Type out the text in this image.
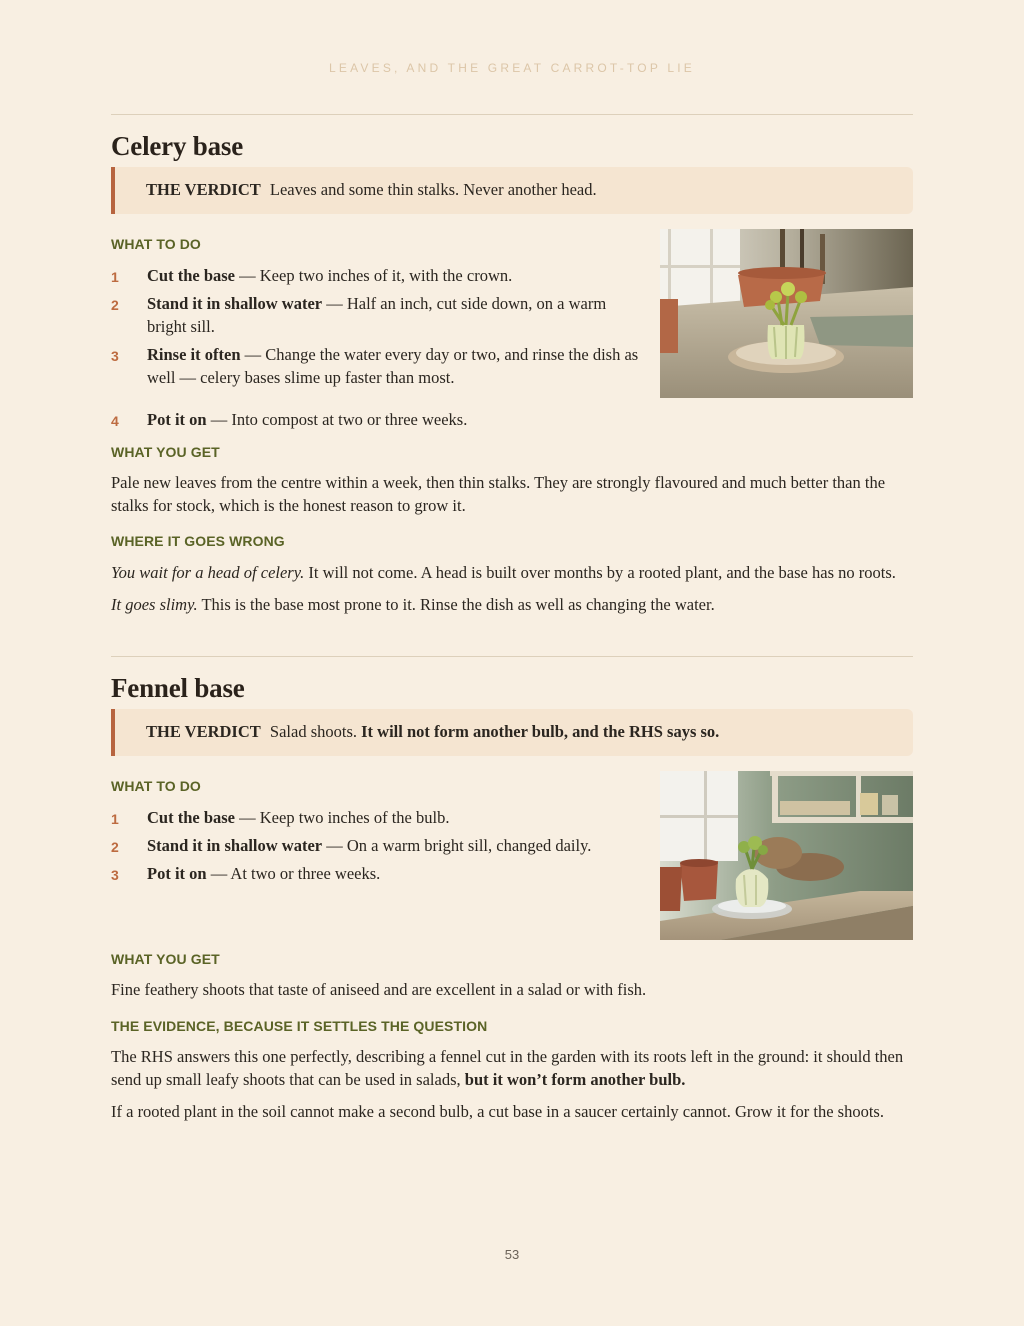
LEAVES, AND THE GREAT CARROT-TOP LIE
Celery base
THE VERDICT Leaves and some thin stalks. Never another head.
WHAT TO DO
1 Cut the base — Keep two inches of it, with the crown.
2 Stand it in shallow water — Half an inch, cut side down, on a warm bright sill.
3 Rinse it often — Change the water every day or two, and rinse the dish as well — celery bases slime up faster than most.
4 Pot it on — Into compost at two or three weeks.
WHAT YOU GET
Pale new leaves from the centre within a week, then thin stalks. They are strongly flavoured and much better than the stalks for stock, which is the honest reason to grow it.
WHERE IT GOES WRONG
You wait for a head of celery. It will not come. A head is built over months by a rooted plant, and the base has no roots.
It goes slimy. This is the base most prone to it. Rinse the dish as well as changing the water.
Fennel base
THE VERDICT Salad shoots. It will not form another bulb, and the RHS says so.
WHAT TO DO
1 Cut the base — Keep two inches of the bulb.
2 Stand it in shallow water — On a warm bright sill, changed daily.
3 Pot it on — At two or three weeks.
WHAT YOU GET
Fine feathery shoots that taste of aniseed and are excellent in a salad or with fish.
THE EVIDENCE, BECAUSE IT SETTLES THE QUESTION
The RHS answers this one perfectly, describing a fennel cut in the garden with its roots left in the ground: it should then send up small leafy shoots that can be used in salads, but it won’t form another bulb.
If a rooted plant in the soil cannot make a second bulb, a cut base in a saucer certainly cannot. Grow it for the shoots.
53
